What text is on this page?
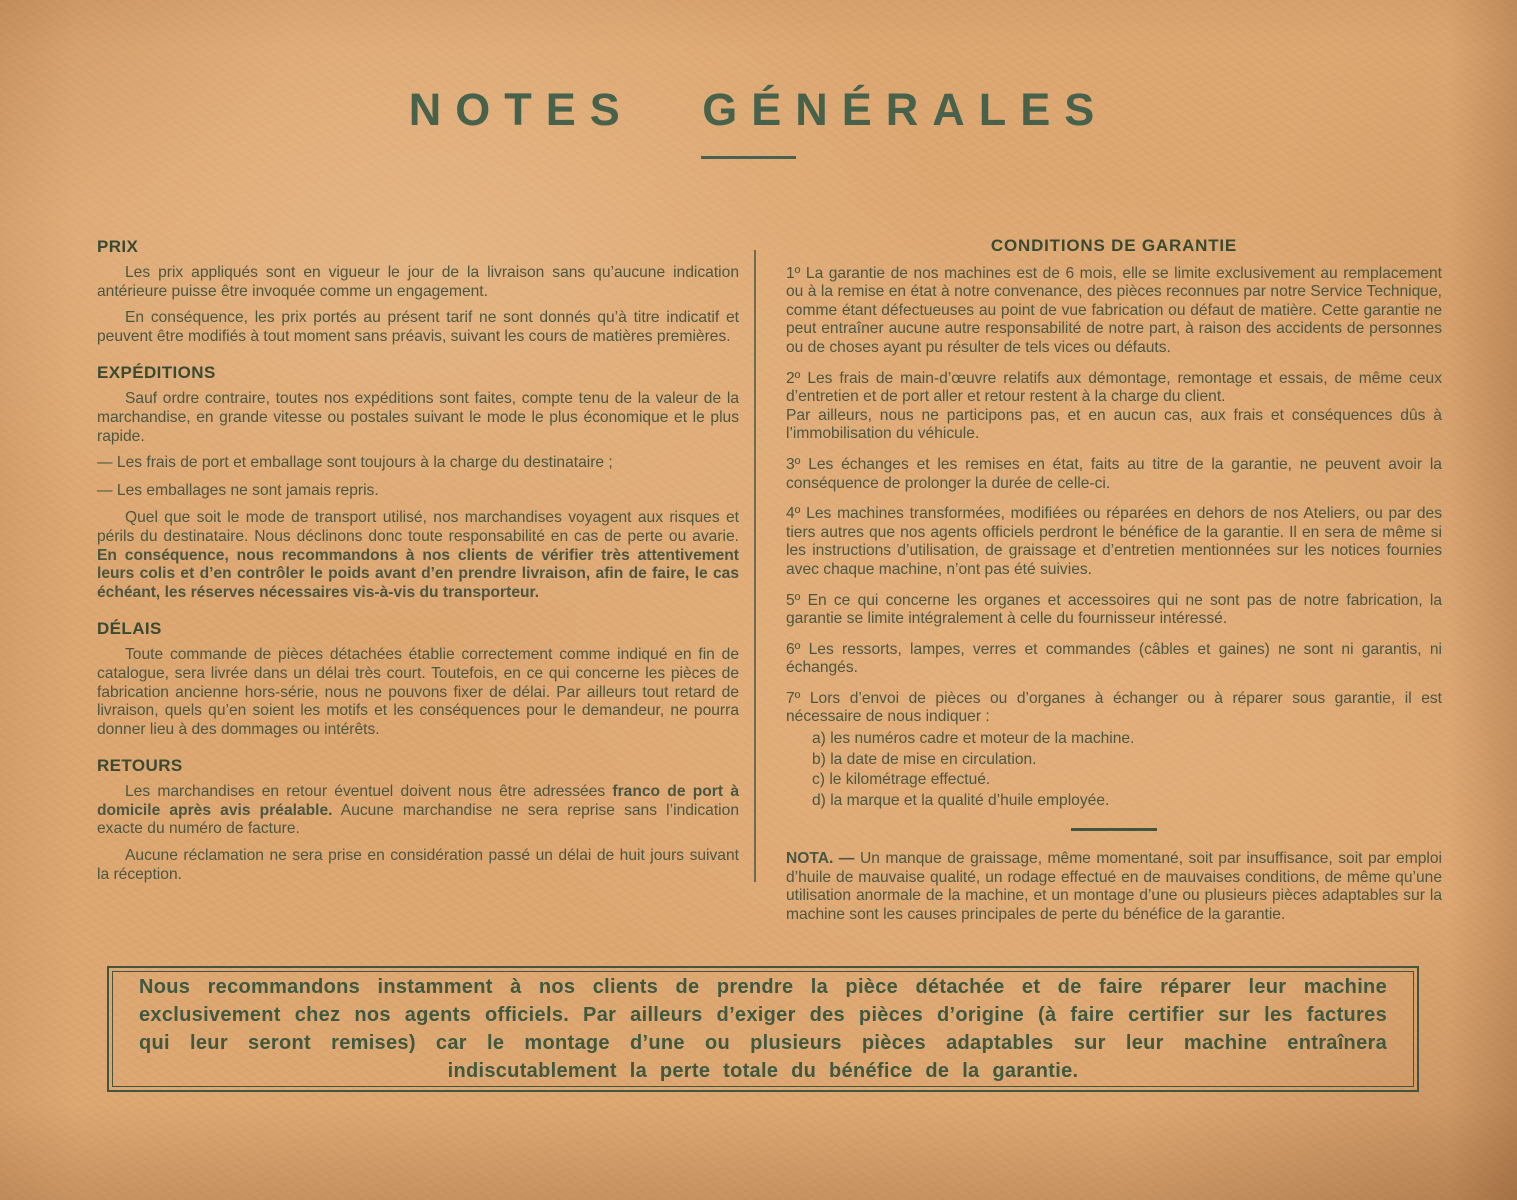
NOTES GÉNÉRALES
PRIX

Les prix appliqués sont en vigueur le jour de la livraison sans qu’aucune indication antérieure puisse être invoquée comme un engagement.

En conséquence, les prix portés au présent tarif ne sont donnés qu’à titre indicatif et peuvent être modifiés à tout moment sans préavis, suivant les cours de matières premières.

EXPÉDITIONS

Sauf ordre contraire, toutes nos expéditions sont faites, compte tenu de la valeur de la marchandise, en grande vitesse ou postales suivant le mode le plus économique et le plus rapide.

— Les frais de port et emballage sont toujours à la charge du destinataire ;

— Les emballages ne sont jamais repris.

Quel que soit le mode de transport utilisé, nos marchandises voyagent aux risques et périls du destinataire. Nous déclinons donc toute responsabilité en cas de perte ou avarie. En conséquence, nous recommandons à nos clients de vérifier très attentivement leurs colis et d’en contrôler le poids avant d’en prendre livraison, afin de faire, le cas échéant, les réserves nécessaires vis-à-vis du transporteur.

DÉLAIS

Toute commande de pièces détachées établie correctement comme indiqué en fin de catalogue, sera livrée dans un délai très court. Toutefois, en ce qui concerne les pièces de fabrication ancienne hors-série, nous ne pouvons fixer de délai. Par ailleurs tout retard de livraison, quels qu’en soient les motifs et les conséquences pour le demandeur, ne pourra donner lieu à des dommages ou intérêts.

RETOURS

Les marchandises en retour éventuel doivent nous être adressées franco de port à domicile après avis préalable. Aucune marchandise ne sera reprise sans l’indication exacte du numéro de facture.

Aucune réclamation ne sera prise en considération passé un délai de huit jours suivant la réception.

CONDITIONS DE GARANTIE

1º La garantie de nos machines est de 6 mois, elle se limite exclusivement au remplacement ou à la remise en état à notre convenance, des pièces reconnues par notre Service Technique, comme étant défectueuses au point de vue fabrication ou défaut de matière. Cette garantie ne peut entraîner aucune autre responsabilité de notre part, à raison des accidents de personnes ou de choses ayant pu résulter de tels vices ou défauts.

2º Les frais de main-d’œuvre relatifs aux démontage, remontage et essais, de même ceux d’entretien et de port aller et retour restent à la charge du client.
Par ailleurs, nous ne participons pas, et en aucun cas, aux frais et conséquences dûs à l’immobilisation du véhicule.

3º Les échanges et les remises en état, faits au titre de la garantie, ne peuvent avoir la conséquence de prolonger la durée de celle-ci.

4º Les machines transformées, modifiées ou réparées en dehors de nos Ateliers, ou par des tiers autres que nos agents officiels perdront le bénéfice de la garantie. Il en sera de même si les instructions d’utilisation, de graissage et d’entretien mentionnées sur les notices fournies avec chaque machine, n’ont pas été suivies.

5º En ce qui concerne les organes et accessoires qui ne sont pas de notre fabrication, la garantie se limite intégralement à celle du fournisseur intéressé.

6º Les ressorts, lampes, verres et commandes (câbles et gaines) ne sont ni garantis, ni échangés.

7º Lors d’envoi de pièces ou d’organes à échanger ou à réparer sous garantie, il est nécessaire de nous indiquer :

a) les numéros cadre et moteur de la machine.
b) la date de mise en circulation.
c) le kilométrage effectué.
d) la marque et la qualité d’huile employée.

NOTA. — Un manque de graissage, même momentané, soit par insuffisance, soit par emploi d’huile de mauvaise qualité, un rodage effectué en de mauvaises conditions, de même qu’une utilisation anormale de la machine, et un montage d’une ou plusieurs pièces adaptables sur la machine sont les causes principales de perte du bénéfice de la garantie.

Nous recommandons instamment à nos clients de prendre la pièce détachée et de faire réparer leur machine exclusivement chez nos agents officiels. Par ailleurs d’exiger des pièces d’origine (à faire certifier sur les factures qui leur seront remises) car le montage d’une ou plusieurs pièces adaptables sur leur machine entraînera indiscutablement la perte totale du bénéfice de la garantie.
